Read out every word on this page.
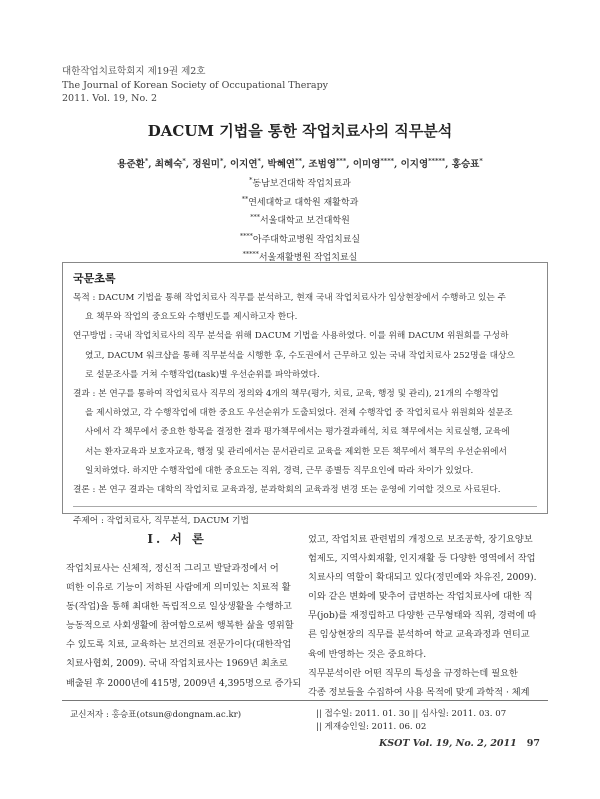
대한작업치료학회지 제19권 제2호
The Journal of Korean Society of Occupational Therapy
2011. Vol. 19, No. 2
DACUM 기법을 통한 작업치료사의 직무분석
용준환*, 최혜숙*, 정원미*, 이지연*, 박혜연**, 조범영***, 이미영****, 이지영*****, 홍승표*
*동남보건대학 작업치료과
**연세대학교 대학원 재활학과
***서울대학교 보건대학원
****아주대학교병원 작업치료실
*****서울재활병원 작업치료실
국문초록
목적 : DACUM 기법을 통해 작업치료사 직무를 분석하고, 현재 국내 작업치료사가 임상현장에서 수행하고 있는 주
요 책무와 작업의 중요도와 수행빈도를 제시하고자 한다.
연구방법 : 국내 작업치료사의 직무 분석을 위해 DACUM 기법을 사용하였다. 이를 위해 DACUM 위원회를 구성하
였고, DACUM 워크샵을 통해 직무분석을 시행한 후, 수도권에서 근무하고 있는 국내 작업치료사 252명을 대상으
로 설문조사를 거쳐 수행작업(task)별 우선순위를 파악하였다.
결과 : 본 연구를 통하여 작업치료사 직무의 정의와 4개의 책무(평가, 치료, 교육, 행정 및 관리), 21개의 수행작업
을 제시하였고, 각 수행작업에 대한 중요도 우선순위가 도출되었다. 전체 수행작업 중 작업치료사 위원회와 설문조
사에서 각 책무에서 중요한 항목을 결정한 결과 평가책무에서는 평가결과해석, 치료 책무에서는 치료실행, 교육에
서는 환자교육과 보호자교육, 행정 및 관리에서는 문서관리로 교육을 제외한 모든 책무에서 책무의 우선순위에서
일치하였다. 하지만 수행작업에 대한 중요도는 직위, 경력, 근무 종별등 직무요인에 따라 차이가 있었다.
결론 : 본 연구 결과는 대학의 작업치료 교육과정, 분과학회의 교육과정 변경 또는 운영에 기여할 것으로 사료된다.
주제어 : 작업치료사, 직무분석, DACUM 기법
Ⅰ. 서 론
작업치료사는 신체적, 정신적 그리고 발달과정에서 어
떠한 이유로 기능이 저하된 사람에게 의미있는 치료적 활
동(작업)을 통해 최대한 독립적으로 일상생활을 수행하고
능동적으로 사회생활에 참여함으로써 행복한 삶을 영위할
수 있도록 치료, 교육하는 보건의료 전문가이다(대한작업
치료사협회, 2009). 국내 작업치료사는 1969년 최초로
배출된 후 2000년에 415명, 2009년 4,395명으로 증가되
었고, 작업치료 관련법의 개정으로 보조공학, 장기요양보
험제도, 지역사회재활, 인지재활 등 다양한 영역에서 작업
치료사의 역할이 확대되고 있다(정민예와 차유진, 2009).
이와 같은 변화에 맞추어 급변하는 작업치료사에 대한 직
무(job)를 재정립하고 다양한 근무형태와 직위, 경력에 따
른 임상현장의 직무를 분석하여 학교 교육과정과 연티교
육에 반영하는 것은 중요하다.
직무분석이란 어떤 직무의 특성을 규정하는데 필요한
각종 정보들을 수집하여 사용 목적에 맞게 과학적 · 체계
교신저자 : 홍승표(otsun@dongnam.ac.kr)	|| 접수일: 2011. 01. 30 || 심사일: 2011. 03. 07
|| 게재승인일: 2011. 06. 02
KSOT Vol. 19, No. 2, 2011 97
